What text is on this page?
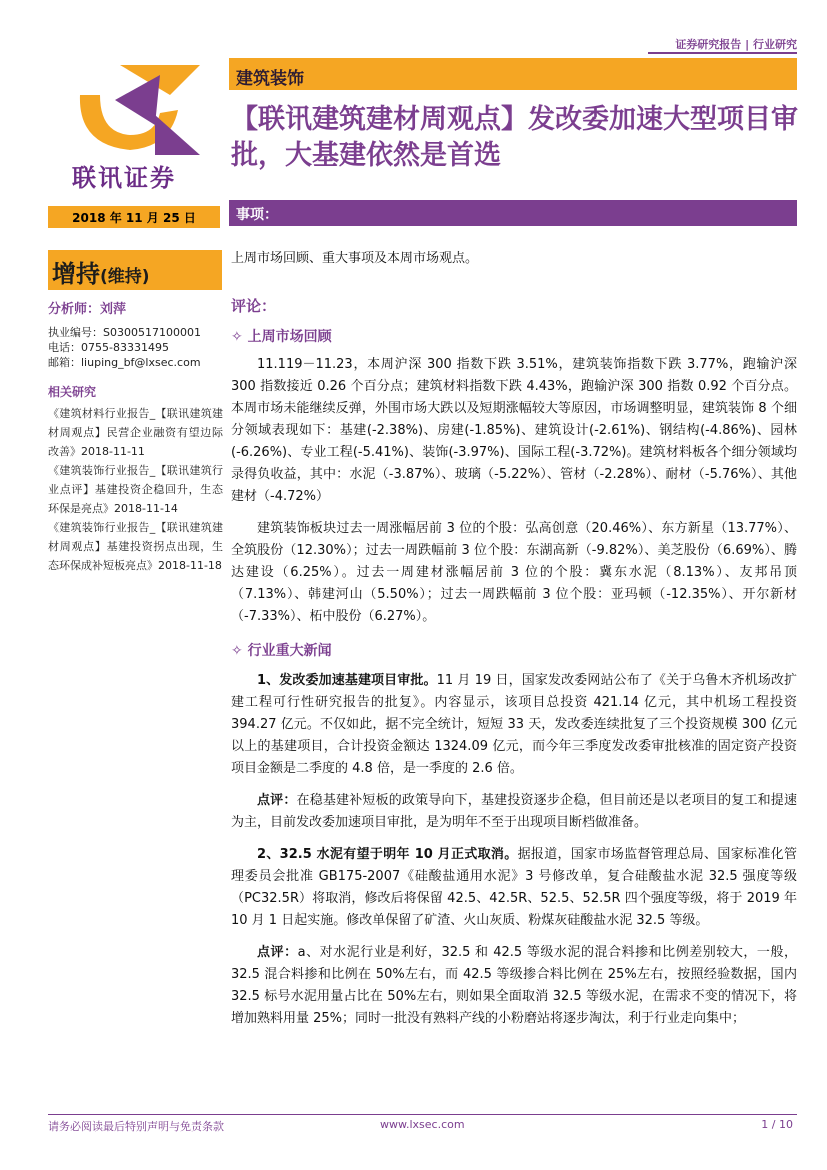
证券研究报告 | 行业研究
联讯证券
建筑装饰
【联讯建筑建材周观点】发改委加速大型项目审批，大基建依然是首选
2018 年 11 月 25 日	事项：
增持(维持)
分析师：刘萍
执业编号：S0300517100001
电话：0755-83331495
邮箱：liuping_bf@lxsec.com
相关研究
《建筑材料行业报告_【联讯建筑建材周观点】民营企业融资有望边际改善》2018-11-11
《建筑装饰行业报告_【联讯建筑行业点评】基建投资企稳回升，生态环保是亮点》2018-11-14
《建筑装饰行业报告_【联讯建筑建材周观点】基建投资拐点出现，生态环保成补短板亮点》2018-11-18
上周市场回顾、重大事项及本周市场观点。
评论：
✧ 上周市场回顾

11.119－11.23，本周沪深 300 指数下跌 3.51%，建筑装饰指数下跌 3.77%，跑输沪深 300 指数接近 0.26 个百分点；建筑材料指数下跌 4.43%，跑输沪深 300 指数 0.92 个百分点。本周市场未能继续反弹，外围市场大跌以及短期涨幅较大等原因，市场调整明显，建筑装饰 8 个细分领域表现如下：基建(-2.38%)、房建(-1.85%)、建筑设计(-2.61%)、钢结构(-4.86%)、园林(-6.26%)、专业工程(-5.41%)、装饰(-3.97%)、国际工程(-3.72%)。建筑材料板各个细分领域均录得负收益，其中：水泥（-3.87%）、玻璃（-5.22%）、管材（-2.28%）、耐材（-5.76%）、其他建材（-4.72%）

建筑装饰板块过去一周涨幅居前 3 位的个股：弘高创意（20.46%）、东方新星（13.77%）、全筑股份（12.30%）；过去一周跌幅前 3 位个股：东湖高新（-9.82%）、美芝股份（6.69%）、腾达建设（6.25%）。过去一周建材涨幅居前 3 位的个股：冀东水泥（8.13%）、友邦吊顶（7.13%）、韩建河山（5.50%）；过去一周跌幅前 3 位个股：亚玛顿（-12.35%）、开尔新材（-7.33%）、柘中股份（6.27%）。

✧ 行业重大新闻

1、发改委加速基建项目审批。11 月 19 日，国家发改委网站公布了《关于乌鲁木齐机场改扩建工程可行性研究报告的批复》。内容显示，该项目总投资 421.14 亿元，其中机场工程投资 394.27 亿元。不仅如此，据不完全统计，短短 33 天，发改委连续批复了三个投资规模 300 亿元以上的基建项目，合计投资金额达 1324.09 亿元，而今年三季度发改委审批核准的固定资产投资项目金额是二季度的 4.8 倍，是一季度的 2.6 倍。

点评：在稳基建补短板的政策导向下，基建投资逐步企稳，但目前还是以老项目的复工和提速为主，目前发改委加速项目审批，是为明年不至于出现项目断档做准备。

2、32.5 水泥有望于明年 10 月正式取消。据报道，国家市场监督管理总局、国家标准化管理委员会批准 GB175-2007《硅酸盐通用水泥》3 号修改单，复合硅酸盐水泥 32.5 强度等级（PC32.5R）将取消，修改后将保留 42.5、42.5R、52.5、52.5R 四个强度等级，将于 2019 年 10 月 1 日起实施。修改单保留了矿渣、火山灰质、粉煤灰硅酸盐水泥 32.5 等级。

点评：a、对水泥行业是利好，32.5 和 42.5 等级水泥的混合料掺和比例差别较大，一般，32.5 混合料掺和比例在 50%左右，而 42.5 等级掺合料比例在 25%左右，按照经验数据，国内 32.5 标号水泥用量占比在 50%左右，则如果全面取消 32.5 等级水泥，在需求不变的情况下，将增加熟料用量 25%；同时一批没有熟料产线的小粉磨站将逐步淘汰，利于行业走向集中；

请务必阅读最后特别声明与免责条款	www.lxsec.com	1 / 10
